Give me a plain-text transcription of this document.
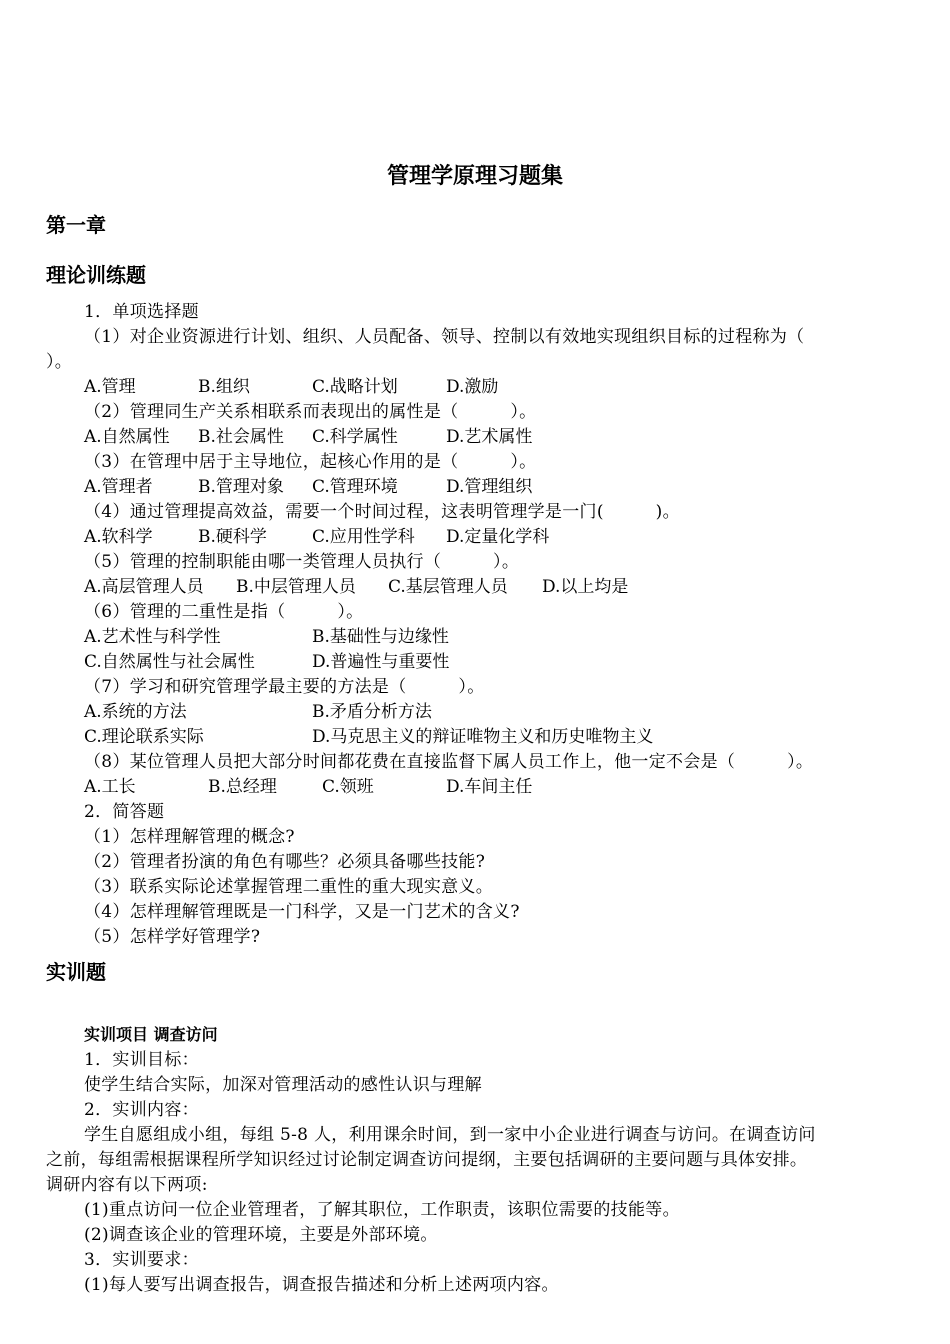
管理学原理习题集
第一章
理论训练题
1．单项选择题
（1）对企业资源进行计划、组织、人员配备、领导、控制以有效地实现组织目标的过程称为（
）。
A.管理	B.组织	C.战略计划	D.激励
（2）管理同生产关系相联系而表现出的属性是（　　　）。
A.自然属性 B.社会属性 C.科学属性	D.艺术属性
（3）在管理中居于主导地位，起核心作用的是（　　　）。
A.管理者	B.管理对象 C.管理环境	D.管理组织
（4）通过管理提高效益，需要一个时间过程，这表明管理学是一门(　　　)。
A.软科学	B.硬科学	C.应用性学科 D.定量化学科
（5）管理的控制职能由哪一类管理人员执行（　　　）。
A.高层管理人员 B.中层管理人员 C.基层管理人员 D.以上均是
（6）管理的二重性是指（　　　）。
A.艺术性与科学性	B.基础性与边缘性
C.自然属性与社会属性	D.普遍性与重要性
（7）学习和研究管理学最主要的方法是（　　　）。
A.系统的方法	B.矛盾分析方法
C.理论联系实际	D.马克思主义的辩证唯物主义和历史唯物主义
（8）某位管理人员把大部分时间都花费在直接监督下属人员工作上，他一定不会是（　　　）。
A.工长	B.总经理	C.领班	D.车间主任
2．简答题
（1）怎样理解管理的概念?
（2）管理者扮演的角色有哪些？必须具备哪些技能?
（3）联系实际论述掌握管理二重性的重大现实意义。
（4）怎样理解管理既是一门科学，又是一门艺术的含义?
（5）怎样学好管理学?
实训题
实训项目 调查访问
1．实训目标：
使学生结合实际，加深对管理活动的感性认识与理解
2．实训内容：
学生自愿组成小组，每组 5-8 人，利用课余时间，到一家中小企业进行调查与访问。在调查访问
之前，每组需根据课程所学知识经过讨论制定调查访问提纲，主要包括调研的主要问题与具体安排。
调研内容有以下两项:
(1)重点访问一位企业管理者，了解其职位，工作职责，该职位需要的技能等。
(2)调查该企业的管理环境，主要是外部环境。
3．实训要求：
(1)每人要写出调查报告，调查报告描述和分析上述两项内容。
